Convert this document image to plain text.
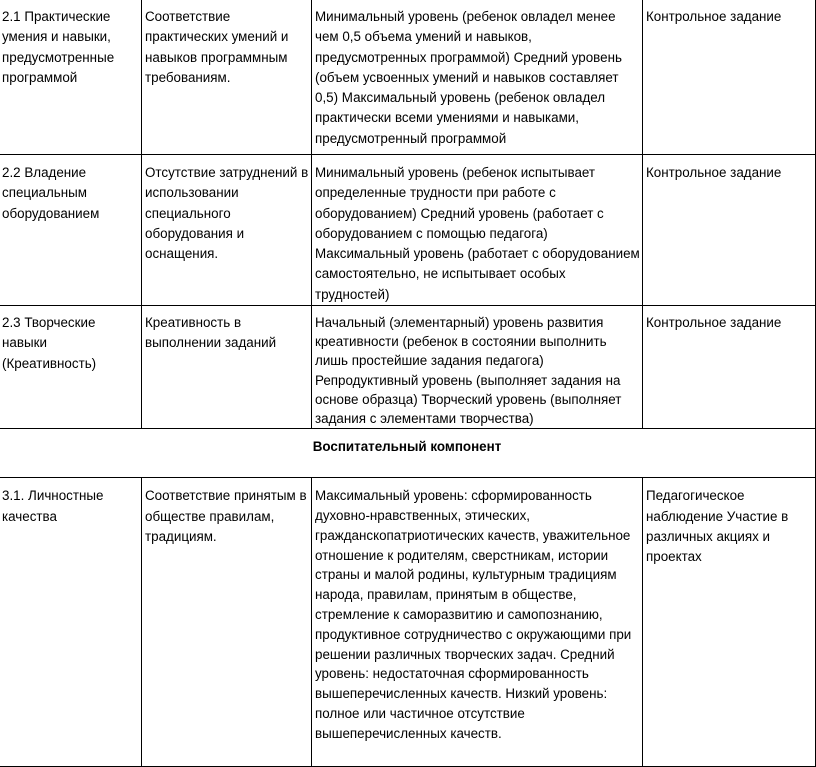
2.1 Практические умения и навыки, предусмотренные программой	Соответствие практических умений и навыков программным требованиям.	Минимальный уровень (ребенок овладел менее чем 0,5 объема умений и навыков, предусмотренных программой) Средний уровень (объем усвоенных умений и навыков составляет 0,5) Максимальный уровень (ребенок овладел практически всеми умениями и навыками, предусмотренный программой	Контрольное задание
2.2 Владение специальным оборудованием	Отсутствие затруднений в использовании специального оборудования и оснащения.	Минимальный уровень (ребенок испытывает определенные трудности при работе с оборудованием) Средний уровень (работает с оборудованием с помощью педагога) Максимальный уровень (работает с оборудованием самостоятельно, не испытывает особых трудностей)	Контрольное задание
2.3 Творческие навыки (Креативность)	Креативность в выполнении заданий	Начальный (элементарный) уровень развития креативности (ребенок в состоянии выполнить лишь простейшие задания педагога) Репродуктивный уровень (выполняет задания на основе образца) Творческий уровень (выполняет задания с элементами творчества)	Контрольное задание
Воспитательный компонент			
3.1. Личностные качества	Соответствие принятым в обществе правилам, традициям.	Максимальный уровень: сформированность духовно-нравственных, этических, гражданскопатриотических качеств, уважительное отношение к родителям, сверстникам, истории страны и малой родины, культурным традициям народа, правилам, принятым в обществе, стремление к саморазвитию и самопознанию, продуктивное сотрудничество с окружающими при решении различных творческих задач. Средний уровень: недостаточная сформированность вышеперечисленных качеств. Низкий уровень: полное или частичное отсутствие вышеперечисленных качеств.	Педагогическое наблюдение Участие в различных акциях и проектах
